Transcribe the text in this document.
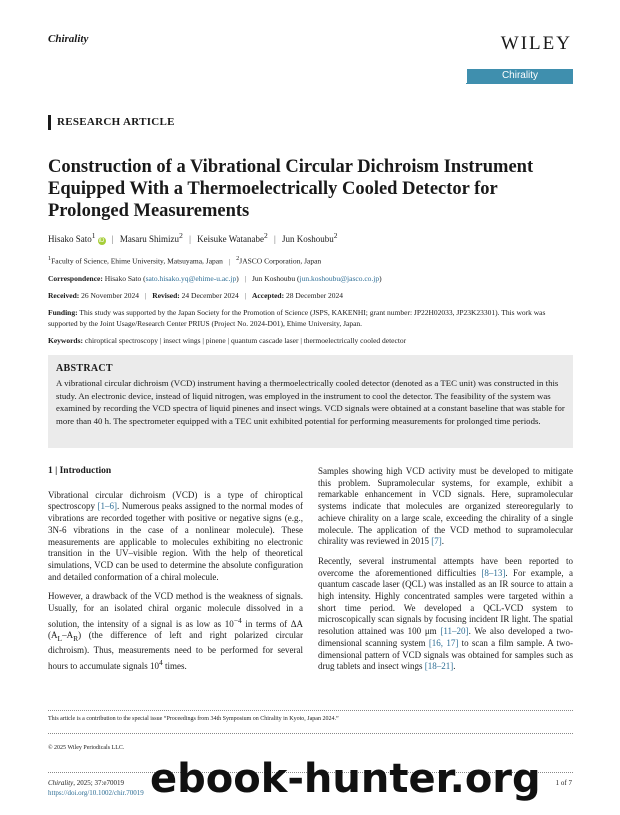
Chirality	WILEY
Chirality
RESEARCH ARTICLE
Construction of a Vibrational Circular Dichroism Instrument Equipped With a Thermoelectrically Cooled Detector for Prolonged Measurements
Hisako Sato$^1$iD | Masaru Shimizu$^2$ | Keisuke Watanabe$^2$ | Jun Koshoubu$^2$
$^1$Faculty of Science, Ehime University, Matsuyama, Japan | $^2$JASCO Corporation, Japan
Correspondence: Hisako Sato (sato.hisako.yq@ehime-u.ac.jp) | Jun Koshoubu (jun.koshoubu@jasco.co.jp)
Received: 26 November 2024 | Revised: 24 December 2024 | Accepted: 28 December 2024
Funding: This study was supported by the Japan Society for the Promotion of Science (JSPS, KAKENHI; grant number: JP22H02033, JP23K23301). This work was supported by the Joint Usage/Research Center PRIUS (Project No. 2024-D01), Ehime University, Japan.
Keywords: chiroptical spectroscopy | insect wings | pinene | quantum cascade laser | thermoelectrically cooled detector
ABSTRACT
A vibrational circular dichroism (VCD) instrument having a thermoelectrically cooled detector (denoted as a TEC unit) was constructed in this study. An electronic device, instead of liquid nitrogen, was employed in the instrument to cool the detector. The feasibility of the system was examined by recording the VCD spectra of liquid pinenes and insect wings. VCD signals were obtained at a constant baseline that was stable for more than 40 h. The spectrometer equipped with a TEC unit exhibited potential for performing measurements for prolonged time periods.
1 | Introduction

Vibrational circular dichroism (VCD) is a type of chiroptical spectroscopy [1–6]. Numerous peaks assigned to the normal modes of vibrations are recorded together with positive or negative signs (e.g., 3N-6 vibrations in the case of a nonlinear molecule). These measurements are applicable to molecules exhibiting no electronic transition in the UV–visible region. With the help of theoretical simulations, VCD can be used to determine the absolute configuration and detailed conformation of a chiral molecule.

However, a drawback of the VCD method is the weakness of signals. Usually, for an isolated chiral organic molecule dissolved in a solution, the intensity of a signal is as low as $10^{-4}$ in terms of ΔA $(A_L-A_R)$ (the difference of left and right polarized circular dichroism). Thus, measurements need to be performed for several hours to accumulate signals $10^4$ times.

Samples showing high VCD activity must be developed to mitigate this problem. Supramolecular systems, for example, exhibit a remarkable enhancement in VCD signals. Here, supramolecular systems indicate that molecules are organized stereoregularly to achieve chirality on a large scale, exceeding the chirality of a single molecule. The application of the VCD method to supramolecular chirality was reviewed in 2015 [7].

Recently, several instrumental attempts have been reported to overcome the aforementioned difficulties [8–13]. For example, a quantum cascade laser (QCL) was installed as an IR source to attain a high intensity. Highly concentrated samples were targeted within a short time period. We developed a QCL-VCD system to microscopically scan signals by focusing incident IR light. The spatial resolution attained was 100 μm [11–20]. We also developed a two-dimensional scanning system [16, 17] to scan a film sample. A two-dimensional pattern of VCD signals was obtained for samples such as drug tablets and insect wings [18–21].

This article is a contribution to the special issue “Proceedings from 34th Symposium on Chirality in Kyoto, Japan 2024.”
© 2025 Wiley Periodicals LLC.
Chirality, 2025; 37:e70019
https://doi.org/10.1002/chir.70019
1 of 7
ebook-hunter.org
